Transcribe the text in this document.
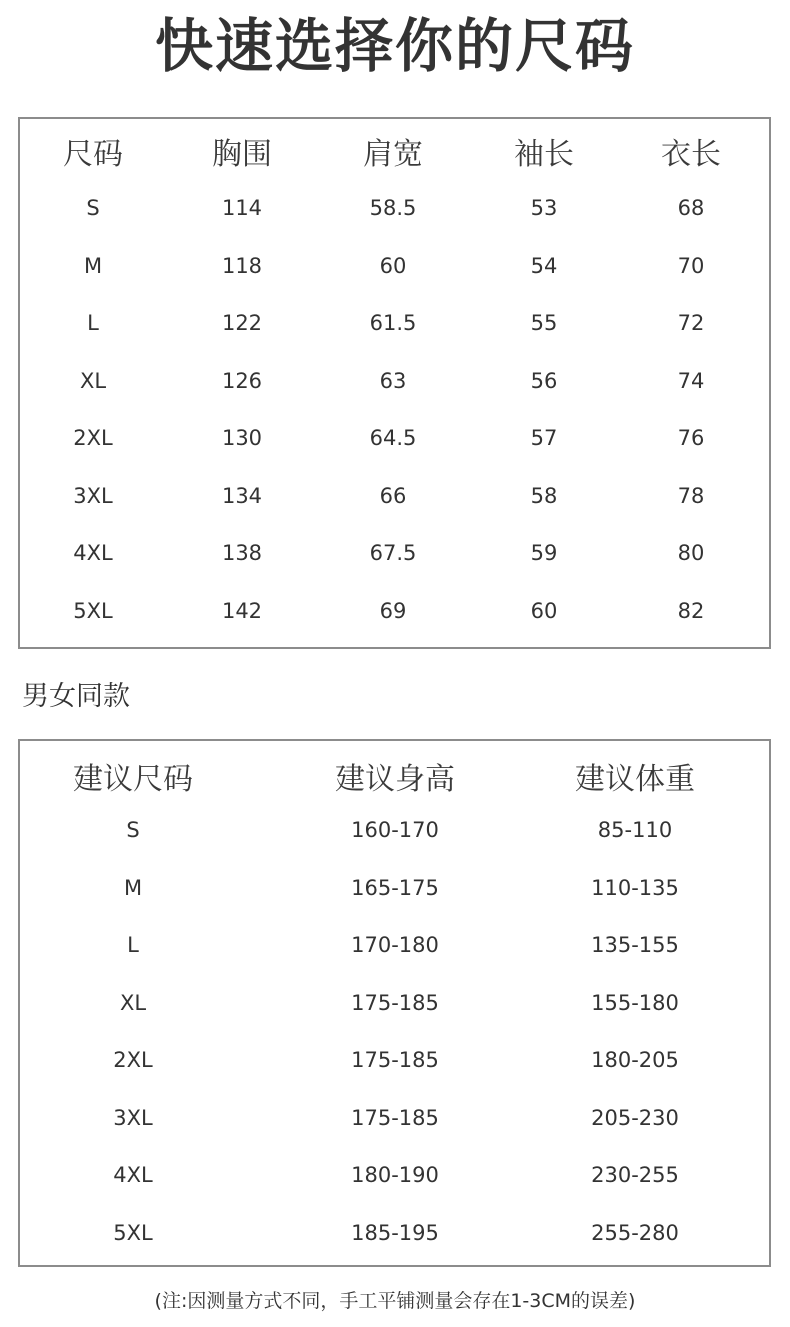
快速选择你的尺码
尺码	胸围	肩宽	袖长	衣长
S	114	58.5	53	68
M	118	60	54	70
L	122	61.5	55	72
XL	126	63	56	74
2XL	130	64.5	57	76
3XL	134	66	58	78
4XL	138	67.5	59	80
5XL	142	69	60	82
男女同款
建议尺码	建议身高	建议体重
S	160-170	85-110
M	165-175	110-135
L	170-180	135-155
XL	175-185	155-180
2XL	175-185	180-205
3XL	175-185	205-230
4XL	180-190	230-255
5XL	185-195	255-280
(注:因测量方式不同，手工平铺测量会存在1-3CM的误差)
